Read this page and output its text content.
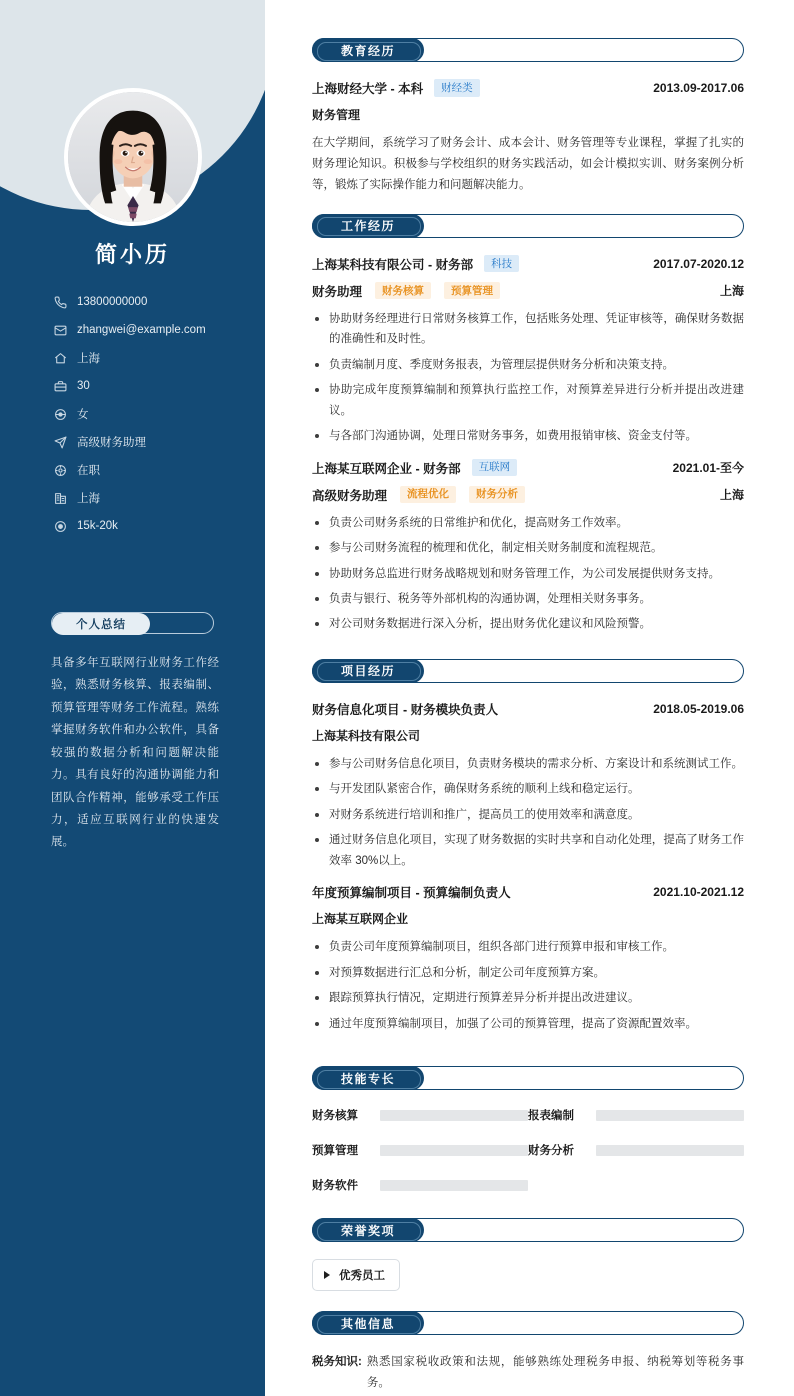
简小历
13800000000
zhangwei@example.com
上海
30
女
高级财务助理
在职
上海
15k-20k
个人总结
具备多年互联网行业财务工作经验，熟悉财务核算、报表编制、预算管理等财务工作流程。熟练掌握财务软件和办公软件，具备较强的数据分析和问题解决能力。具有良好的沟通协调能力和团队合作精神，能够承受工作压力，适应互联网行业的快速发展。
教育经历
上海财经大学 - 本科	财经类	2013.09-2017.06
财务管理
在大学期间，系统学习了财务会计、成本会计、财务管理等专业课程，掌握了扎实的财务理论知识。积极参与学校组织的财务实践活动，如会计模拟实训、财务案例分析等，锻炼了实际操作能力和问题解决能力。
工作经历
上海某科技有限公司 - 财务部	科技	2017.07-2020.12
财务助理	财务核算	预算管理	上海
协助财务经理进行日常财务核算工作，包括账务处理、凭证审核等，确保财务数据的准确性和及时性。
负责编制月度、季度财务报表，为管理层提供财务分析和决策支持。
协助完成年度预算编制和预算执行监控工作，对预算差异进行分析并提出改进建议。
与各部门沟通协调，处理日常财务事务，如费用报销审核、资金支付等。
上海某互联网企业 - 财务部	互联网	2021.01-至今
高级财务助理	流程优化	财务分析	上海
负责公司财务系统的日常维护和优化，提高财务工作效率。
参与公司财务流程的梳理和优化，制定相关财务制度和流程规范。
协助财务总监进行财务战略规划和财务管理工作，为公司发展提供财务支持。
负责与银行、税务等外部机构的沟通协调，处理相关财务事务。
对公司财务数据进行深入分析，提出财务优化建议和风险预警。
项目经历
财务信息化项目 - 财务模块负责人	2018.05-2019.06
上海某科技有限公司
参与公司财务信息化项目，负责财务模块的需求分析、方案设计和系统测试工作。
与开发团队紧密合作，确保财务系统的顺利上线和稳定运行。
对财务系统进行培训和推广，提高员工的使用效率和满意度。
通过财务信息化项目，实现了财务数据的实时共享和自动化处理，提高了财务工作效率 30%以上。
年度预算编制项目 - 预算编制负责人	2021.10-2021.12
上海某互联网企业
负责公司年度预算编制项目，组织各部门进行预算申报和审核工作。
对预算数据进行汇总和分析，制定公司年度预算方案。
跟踪预算执行情况，定期进行预算差异分析并提出改进建议。
通过年度预算编制项目，加强了公司的预算管理，提高了资源配置效率。
技能专长
财务核算	报表编制
预算管理	财务分析
财务软件
荣誉奖项
优秀员工
其他信息
税务知识: 熟悉国家税收政策和法规，能够熟练处理税务申报、纳税筹划等税务事务。
